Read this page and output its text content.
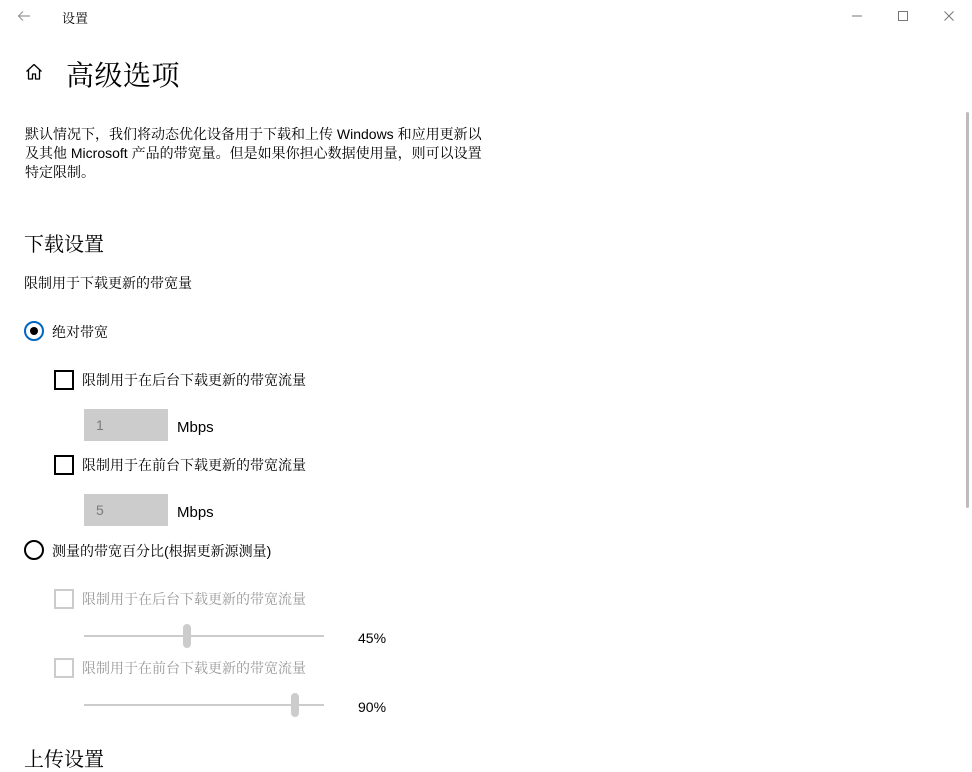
设置
高级选项
默认情况下，我们将动态优化设备用于下载和上传 Windows 和应用更新以及其他 Microsoft 产品的带宽量。但是如果你担心数据使用量，则可以设置特定限制。
下载设置
限制用于下载更新的带宽量
绝对带宽
限制用于在后台下载更新的带宽流量
1
Mbps
限制用于在前台下载更新的带宽流量
5
Mbps
测量的带宽百分比(根据更新源测量)
限制用于在后台下载更新的带宽流量
45%
限制用于在前台下载更新的带宽流量
90%
上传设置
